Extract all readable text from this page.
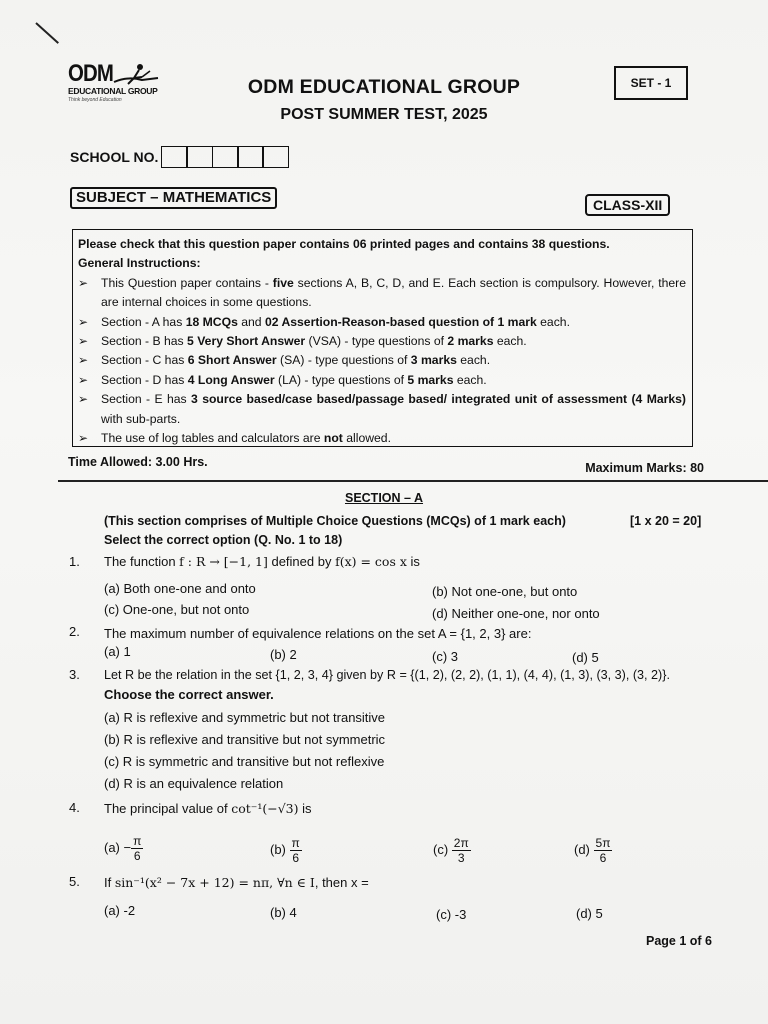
ODM
EDUCATIONAL GROUP
Think beyond Education
ODM EDUCATIONAL GROUP
POST SUMMER TEST, 2025
SET - 1
SCHOOL NO.
SUBJECT – MATHEMATICS	CLASS-XII
Please check that this question paper contains 06 printed pages and contains 38 questions.
General Instructions:
➢	This Question paper contains - five sections A, B, C, D, and E. Each section is compulsory. However, there are internal choices in some questions.
➢	Section - A has 18 MCQs and 02 Assertion-Reason-based question of 1 mark each.
➢	Section - B has 5 Very Short Answer (VSA) - type questions of 2 marks each.
➢	Section - C has 6 Short Answer (SA) - type questions of 3 marks each.
➢	Section - D has 4 Long Answer (LA) - type questions of 5 marks each.
➢	Section - E has 3 source based/case based/passage based/ integrated unit of assessment (4 Marks) with sub-parts.
➢	The use of log tables and calculators are not allowed.
Time Allowed: 3.00 Hrs.	Maximum Marks: 80
SECTION – A
(This section comprises of Multiple Choice Questions (MCQs) of 1 mark each)	[1 x 20 = 20]
Select the correct option (Q. No. 1 to 18)
1. The function f : R → [−1, 1] defined by f(x) = cos x is
(a) Both one-one and onto	(b) Not one-one, but onto
(c) One-one, but not onto	(d) Neither one-one, nor onto
2. The maximum number of equivalence relations on the set A = {1, 2, 3} are:
(a) 1	(b) 2	(c) 3	(d) 5
3. Let R be the relation in the set {1, 2, 3, 4} given by R = {(1, 2), (2, 2), (1, 1), (4, 4), (1, 3), (3, 3), (3, 2)}.
Choose the correct answer.
(a) R is reflexive and symmetric but not transitive
(b) R is reflexive and transitive but not symmetric
(c) R is symmetric and transitive but not reflexive
(d) R is an equivalence relation
4. The principal value of cot⁻¹(−√3) is
$(a) - \frac{\pi}{6}$	$(b) \frac{\pi}{6}$	$(c) \frac{2\pi}{3}$	$(d) \frac{5\pi}{6}$
5. If sin⁻¹(x² − 7x + 12) = nπ, ∀n ∈ I, then x =
(a) -2	(b) 4	(c) -3	(d) 5
Page 1 of 6
